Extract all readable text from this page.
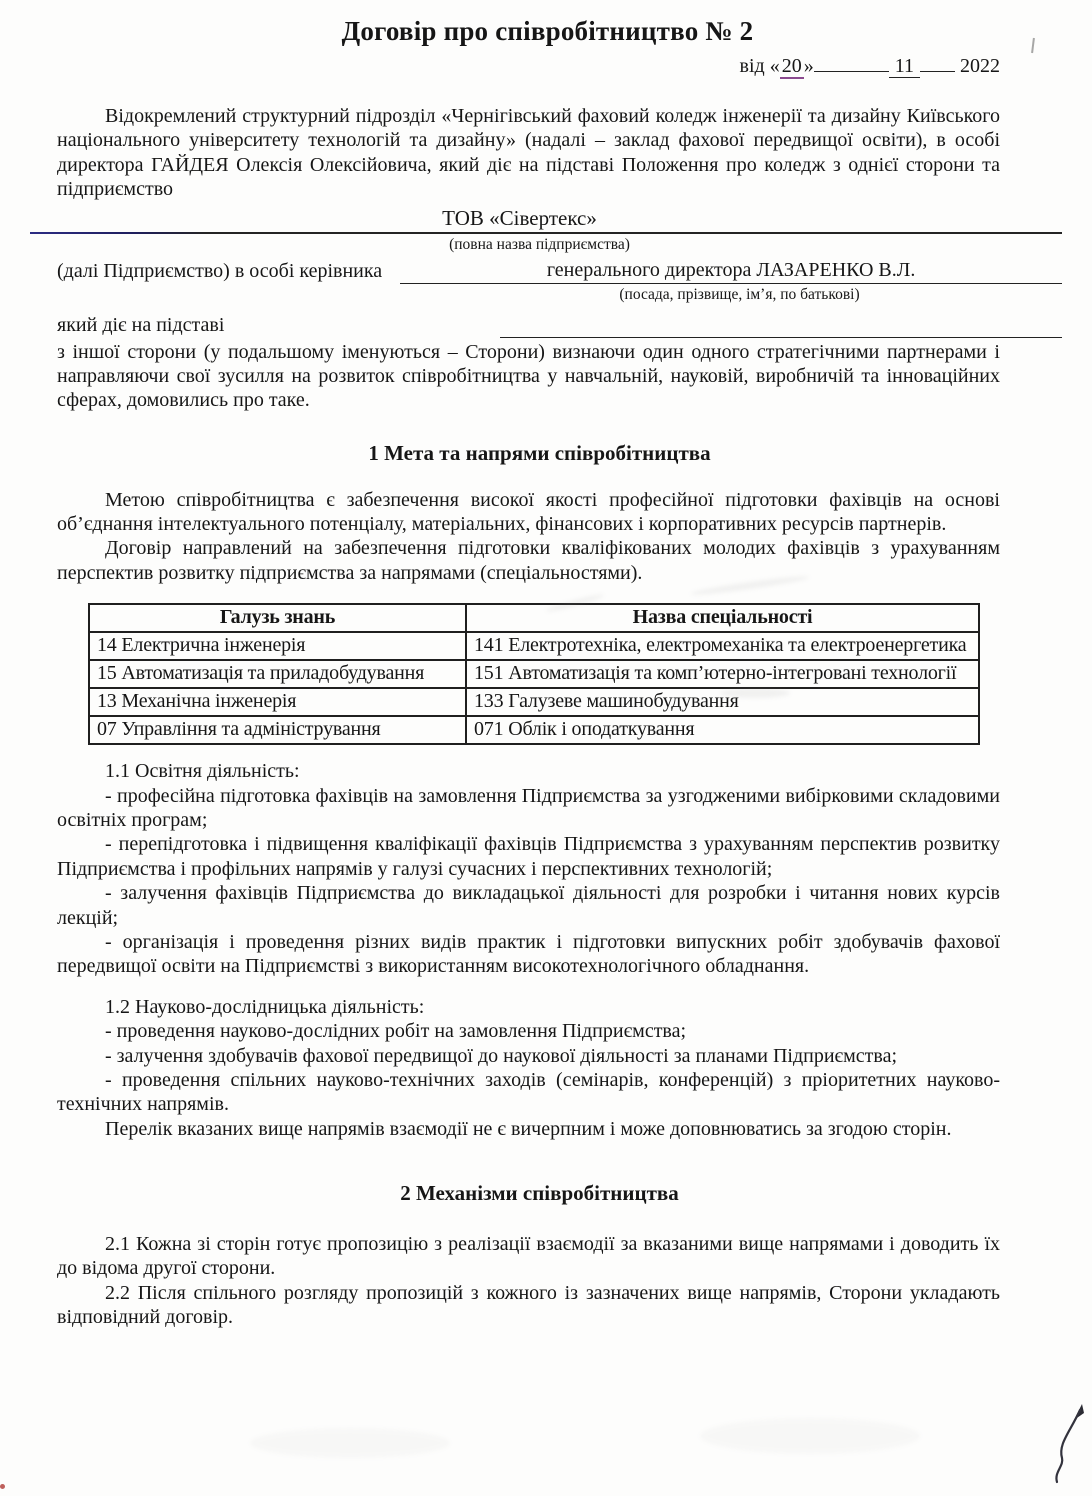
Договір про співробітництво № 2
від « 20 »	11 2022

Відокремлений структурний підрозділ «Чернігівський фаховий коледж інженерії та дизайну Київського національного університету технологій та дизайну» (надалі – заклад фахової передвищої освіти), в особі директора ГАЙДЕЯ Олексія Олексійовича, який діє на підставі Положення про коледж з однієї сторони та підприємство

ТОВ «Сівертекс»
(повна назва підприємства)
(далі Підприємство) в особі керівника	генерального директора ЛАЗАРЕНКО В.Л.
(посада, прізвище, ім’я, по батькові)
який діє на підставі

з іншої сторони (у подальшому іменуються – Сторони) визнаючи один одного стратегічними партнерами і направляючи свої зусилля на розвиток співробітництва у навчальній, науковій, виробничій та інноваційних сферах, домовились про таке.

1 Мета та напрями співробітництва

Метою співробітництва є забезпечення високої якості професійної підготовки фахівців на основі об’єднання інтелектуального потенціалу, матеріальних, фінансових і корпоративних ресурсів партнерів.

Договір направлений на забезпечення підготовки кваліфікованих молодих фахівців з урахуванням перспектив розвитку підприємства за напрямами (спеціальностями).

Галузь знань	Назва спеціальності
14 Електрична інженерія	141 Електротехніка, електромеханіка та електроенергетика
15 Автоматизація та приладобудування	151 Автоматизація та комп’ютерно-інтегровані технології
13 Механічна інженерія	133 Галузеве машинобудування
07 Управління та адміністрування	071 Облік і оподаткування

1.1 Освітня діяльність:

- професійна підготовка фахівців на замовлення Підприємства за узгодженими вибірковими складовими освітніх програм;

- перепідготовка і підвищення кваліфікації фахівців Підприємства з урахуванням перспектив розвитку Підприємства і профільних напрямів у галузі сучасних і перспективних технологій;

- залучення фахівців Підприємства до викладацької діяльності для розробки і читання нових курсів лекцій;

- організація і проведення різних видів практик і підготовки випускних робіт здобувачів фахової передвищої освіти на Підприємстві з використанням високотехнологічного обладнання.

1.2 Науково-дослідницька діяльність:

- проведення науково-дослідних робіт на замовлення Підприємства;

- залучення здобувачів фахової передвищої до наукової діяльності за планами Підприємства;

- проведення спільних науково-технічних заходів (семінарів, конференцій) з пріоритетних науково-технічних напрямів.

Перелік вказаних вище напрямів взаємодії не є вичерпним і може доповнюватись за згодою сторін.

2 Механізми співробітництва

2.1 Кожна зі сторін готує пропозицію з реалізації взаємодії за вказаними вище напрямами і доводить їх до відома другої сторони.

2.2 Після спільного розгляду пропозицій з кожного із зазначених вище напрямів, Сторони укладають відповідний договір.
